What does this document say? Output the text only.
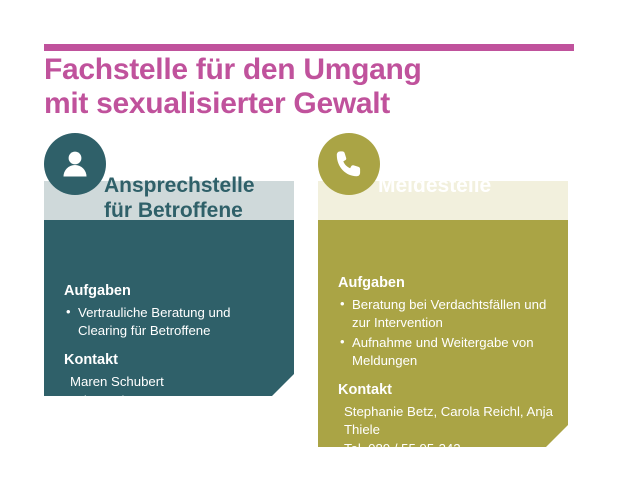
Fachstelle für den Umgang
mit sexualisierter Gewalt
Aufgaben
• Vertrauliche Beratung und Clearing für Betroffene
Kontakt

Maren Schubert

Tel. 089 / 55 95-335

Mail ansprechstelleSG@elkb.de

Ansprechstelle
für Betroffene
Aufgaben
• Beratung bei Verdachtsfällen und zur Intervention
• Aufnahme und Weitergabe von Meldungen
Kontakt

Stephanie Betz, Carola Reichl, Anja Thiele

Tel. 089 / 55 95-342

Mail meldestelleSG@elkb.de

Meldestelle
